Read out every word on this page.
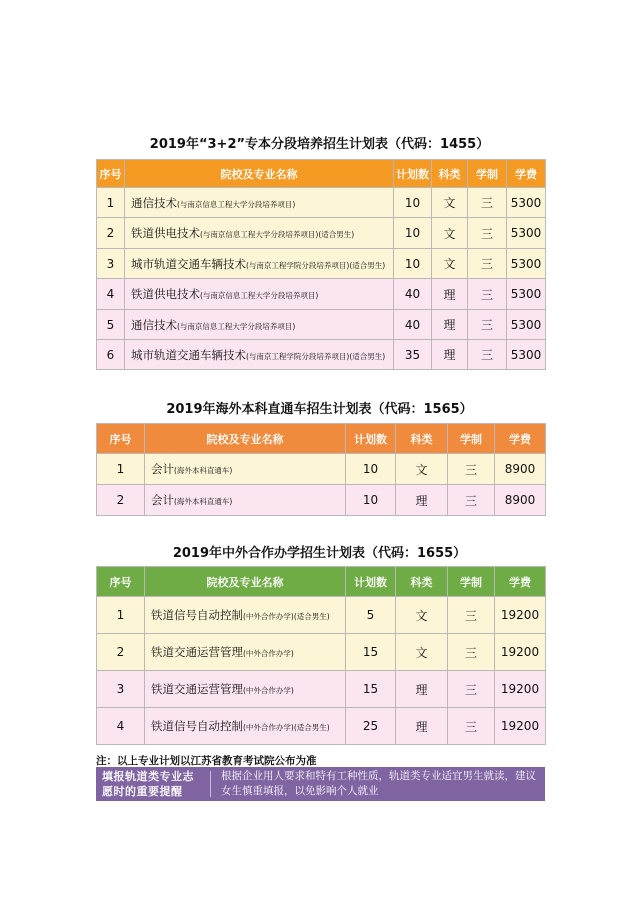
2019年“3+2”专本分段培养招生计划表（代码：1455）
序号	院校及专业名称	计划数	科类	学制	学费
1	通信技术(与南京信息工程大学分段培养项目)	10	文	三	5300
2	铁道供电技术(与南京信息工程大学分段培养项目)(适合男生)	10	文	三	5300
3	城市轨道交通车辆技术(与南京工程学院分段培养项目)(适合男生)	10	文	三	5300
4	铁道供电技术(与南京信息工程大学分段培养项目)	40	理	三	5300
5	通信技术(与南京信息工程大学分段培养项目)	40	理	三	5300
6	城市轨道交通车辆技术(与南京工程学院分段培养项目)(适合男生)	35	理	三	5300
2019年海外本科直通车招生计划表（代码：1565）
序号	院校及专业名称	计划数	科类	学制	学费
1	会计(海外本科直通车)	10	文	三	8900
2	会计(海外本科直通车)	10	理	三	8900
2019年中外合作办学招生计划表（代码：1655）
序号	院校及专业名称	计划数	科类	学制	学费
1	铁道信号自动控制(中外合作办学)(适合男生)	5	文	三	19200
2	铁道交通运营管理(中外合作办学)	15	文	三	19200
3	铁道交通运营管理(中外合作办学)	15	理	三	19200
4	铁道信号自动控制(中外合作办学)(适合男生)	25	理	三	19200
注：以上专业计划以江苏省教育考试院公布为准
填报轨道类专业志
愿时的重要提醒
根据企业用人要求和特有工种性质，轨道类专业适宜男生就读，建议
女生慎重填报，以免影响个人就业
